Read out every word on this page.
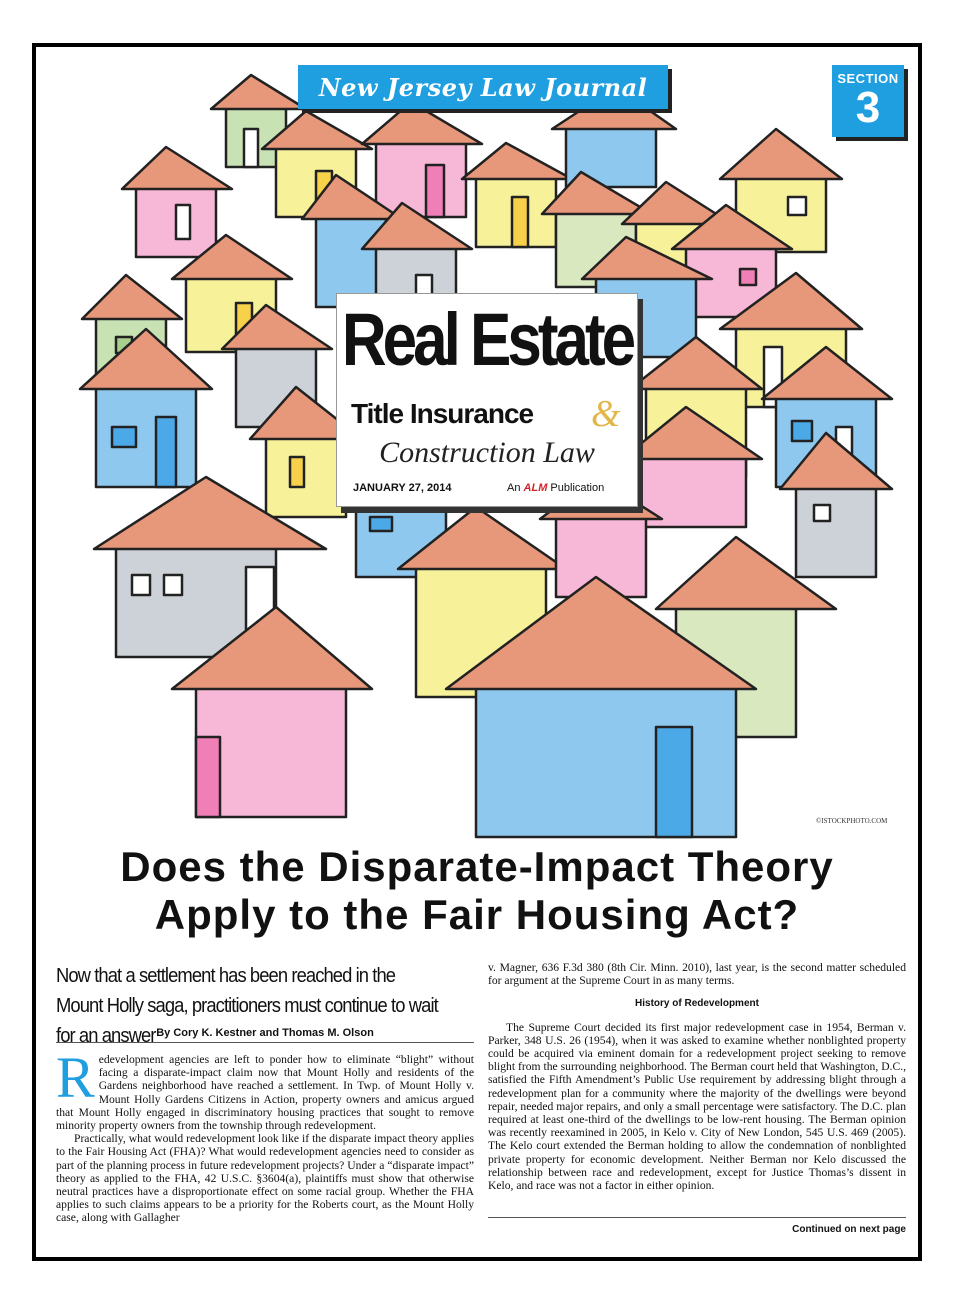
New Jersey Law Journal	SECTION
3
Real Estate
Title Insurance &
Construction Law
JANUARY 27, 2014	An ALM Publication
©ISTOCKPHOTO.COM
Does the Disparate-Impact Theory
Apply to the Fair Housing Act?
Now that a settlement has been reached in the Mount Holly saga, practitioners must continue to wait for an answer By Cory K. Kestner and Thomas M. Olson

Redevelopment agencies are left to ponder how to eliminate “blight” without facing a disparate-impact claim now that Mount Holly and residents of the Gardens neighborhood have reached a settlement. In Twp. of Mount Holly v. Mount Holly Gardens Citizens in Action, property owners and amicus argued that Mount Holly engaged in discriminatory housing practices that sought to remove minority property owners from the township through redevelopment.

Practically, what would redevelopment look like if the disparate impact theory applies to the Fair Housing Act (FHA)? What would redevelopment agencies need to consider as part of the planning process in future redevelopment projects? Under a “disparate impact” theory as applied to the FHA, 42 U.S.C. §3604(a), plaintiffs must show that otherwise neutral practices have a disproportionate effect on some racial group. Whether the FHA applies to such claims appears to be a priority for the Roberts court, as the Mount Holly case, along with Gallagher

v. Magner, 636 F.3d 380 (8th Cir. Minn. 2010), last year, is the second matter scheduled for argument at the Supreme Court in as many terms.

History of Redevelopment

The Supreme Court decided its first major redevelopment case in 1954, Berman v. Parker, 348 U.S. 26 (1954), when it was asked to examine whether nonblighted property could be acquired via eminent domain for a redevelopment project seeking to remove blight from the surrounding neighborhood. The Berman court held that Washington, D.C., satisfied the Fifth Amendment’s Public Use requirement by addressing blight through a redevelopment plan for a community where the majority of the dwellings were beyond repair, needed major repairs, and only a small percentage were satisfactory. The D.C. plan required at least one-third of the dwellings to be low-rent housing. The Berman opinion was recently reexamined in 2005, in Kelo v. City of New London, 545 U.S. 469 (2005). The Kelo court extended the Berman holding to allow the condemnation of nonblighted private property for economic development. Neither Berman nor Kelo discussed the relationship between race and redevelopment, except for Justice Thomas’s dissent in Kelo, and race was not a factor in either opinion.

Continued on next page
